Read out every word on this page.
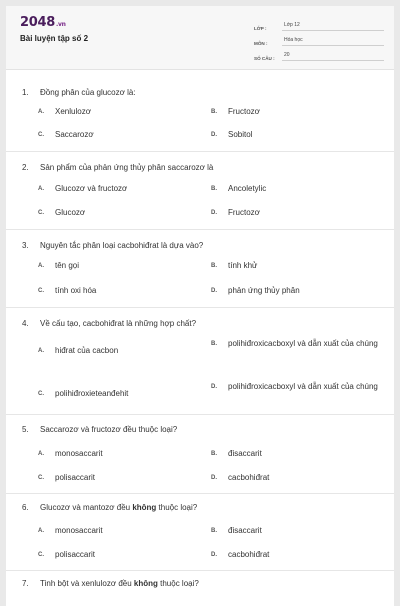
2048.vn
Bài luyện tập số 2
LỚP :
Lớp 12
MÔN :
Hóa học
SỐ CÂU :
20
1. Đồng phân của glucozơ là:
A.	Xenlulozơ	B.	Fructozơ
C.	Saccarozơ	D.	Sobitol
2. Sản phẩm của phản ứng thủy phân saccarozơ là
A.	Glucozơ và fructozơ	B.	Ancoletylic
C.	Glucozơ	D.	Fructozơ
3. Nguyên tắc phân loại cacbohiđrat là dựa vào?
A.	tên gọi	B.	tính khử
C.	tính oxi hóa	D.	phản ứng thủy phân
4. Về cấu tạo, cacbohiđrat là những hợp chất?
A.	hiđrat của cacbon
B.	polihiđroxicacboxyl và dẫn xuất của chúng
C.	polihiđroxieteanđehit
D.	polihiđroxicacboxyl và dẫn xuất của chúng
5. Saccarozơ và fructozơ đều thuộc loại?
A.	monosaccarit	B.	đisaccarit
C.	polisaccarit	D.	cacbohiđrat
6. Glucozơ và mantozơ đều không thuộc loại?
A.	monosaccarit	B.	đisaccarit
C.	polisaccarit	D.	cacbohiđrat
7. Tinh bột và xenlulozơ đều không thuộc loại?
